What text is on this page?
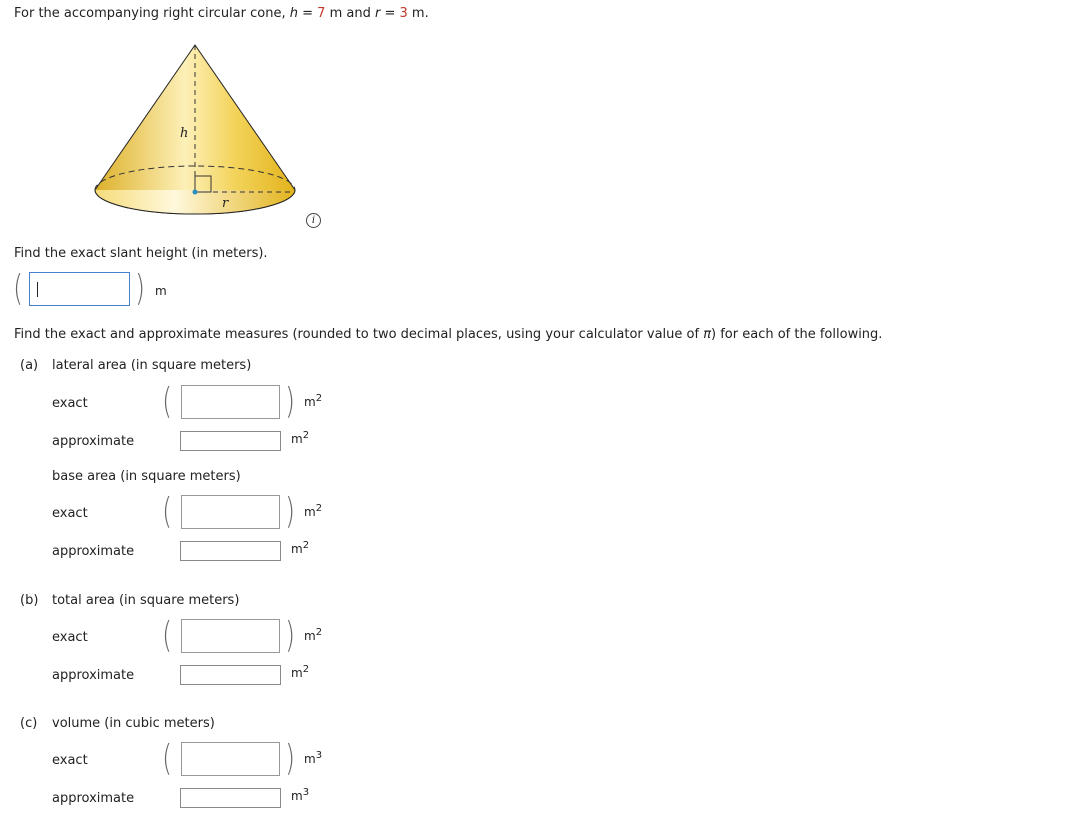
For the accompanying right circular cone, h = 7 m and r = 3 m.
h
r
i
Find the exact slant height (in meters).
(	) m
Find the exact and approximate measures (rounded to two decimal places, using your calculator value of π) for each of the following.
(a) lateral area (in square meters)
exact (	) $m^2$
approximate	$m^2$
base area (in square meters)
exact (	) $m^2$
approximate	$m^2$
(b) total area (in square meters)
exact (	) $m^2$
approximate	$m^2$
(c) volume (in cubic meters)
exact (	) $m^3$
approximate	$m^3$
